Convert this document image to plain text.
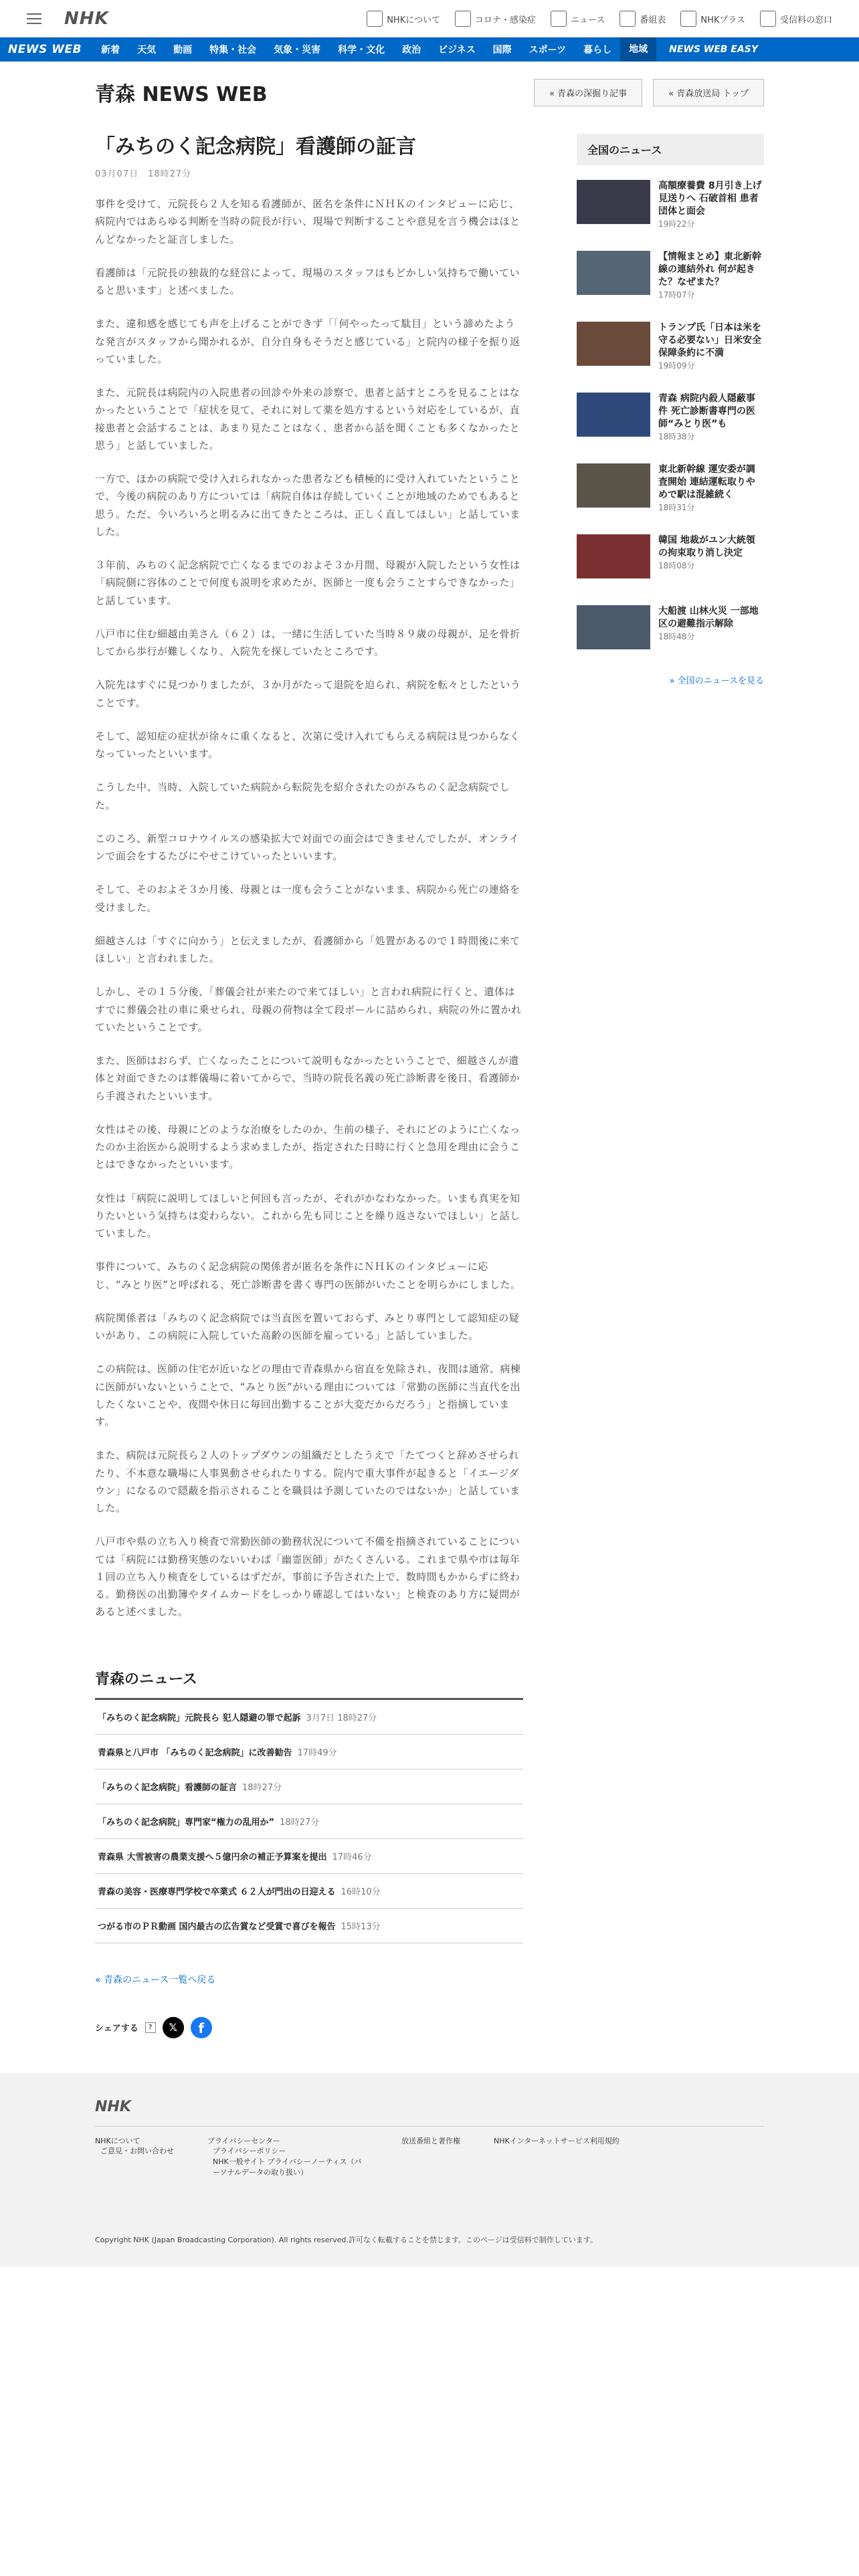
NHK	NHKについて	コロナ・感染症	ニュース	番組表	NHKプラス	受信料の窓口
NEWS WEB	新着	天気	動画	特集・社会	気象・災害	科学・文化	政治	ビジネス	国際	スポーツ	暮らし	地域	NEWS WEB EASY
青森 NEWS WEB	« 青森の深掘り記事	« 青森放送局 トップ
「みちのく記念病院」看護師の証言
03月07日　18時27分

事件を受けて、元院長ら２人を知る看護師が、匿名を条件にＮＨＫのインタビューに応じ、病院内ではあらゆる判断を当時の院長が行い、現場で判断することや意見を言う機会はほとんどなかったと証言しました。

看護師は「元院長の独裁的な経営によって、現場のスタッフはもどかしい気持ちで働いていると思います」と述べました。

また、違和感を感じても声を上げることができず「「何やったって駄目」という諦めたような発言がスタッフから聞かれるが、自分自身もそうだと感じている」と院内の様子を振り返っていました。

また、元院長は病院内の入院患者の回診や外来の診察で、患者と話すところを見ることはなかったということで「症状を見て、それに対して薬を処方するという対応をしているが、直接患者と会話することは、あまり見たことはなく、患者から話を聞くことも多くなかったと思う」と話していました。

一方で、ほかの病院で受け入れられなかった患者なども積極的に受け入れていたということで、今後の病院のあり方については「病院自体は存続していくことが地域のためでもあると思う。ただ、今いろいろと明るみに出てきたところは、正しく直してほしい」と話していました。

３年前、みちのく記念病院で亡くなるまでのおよそ３か月間、母親が入院したという女性は「病院側に容体のことで何度も説明を求めたが、医師と一度も会うことすらできなかった」と話しています。

八戸市に住む細越由美さん（６２）は、一緒に生活していた当時８９歳の母親が、足を骨折してから歩行が難しくなり、入院先を探していたところです。

入院先はすぐに見つかりましたが、３か月がたって退院を迫られ、病院を転々としたということです。

そして、認知症の症状が徐々に重くなると、次第に受け入れてもらえる病院は見つからなくなっていったといいます。

こうした中、当時、入院していた病院から転院先を紹介されたのがみちのく記念病院でした。

このころ、新型コロナウイルスの感染拡大で対面での面会はできませんでしたが、オンラインで面会をするたびにやせこけていったといいます。

そして、そのおよそ３か月後、母親とは一度も会うことがないまま、病院から死亡の連絡を受けました。

細越さんは「すぐに向かう」と伝えましたが、看護師から「処置があるので１時間後に来てほしい」と言われました。

しかし、その１５分後、「葬儀会社が来たので来てほしい」と言われ病院に行くと、遺体はすでに葬儀会社の車に乗せられ、母親の荷物は全て段ボールに詰められ、病院の外に置かれていたということです。

また、医師はおらず、亡くなったことについて説明もなかったということで、細越さんが遺体と対面できたのは葬儀場に着いてからで、当時の院長名義の死亡診断書を後日、看護師から手渡されたといいます。

女性はその後、母親にどのような治療をしたのか、生前の様子、それにどのように亡くなったのか主治医から説明するよう求めましたが、指定された日時に行くと急用を理由に会うことはできなかったといいます。

女性は「病院に説明してほしいと何回も言ったが、それがかなわなかった。いまも真実を知りたいという気持ちは変わらない。これから先も同じことを繰り返さないでほしい」と話していました。

事件について、みちのく記念病院の関係者が匿名を条件にＮＨＫのインタビューに応じ、“みとり医”と呼ばれる、死亡診断書を書く専門の医師がいたことを明らかにしました。

病院関係者は「みちのく記念病院では当直医を置いておらず、みとり専門として認知症の疑いがあり、この病院に入院していた高齢の医師を雇っている」と話していました。

この病院は、医師の住宅が近いなどの理由で青森県から宿直を免除され、夜間は通常、病棟に医師がいないということで、“みとり医”がいる理由については「常勤の医師に当直代を出したくないことや、夜間や休日に毎回出勤することが大変だからだろう」と指摘しています。

また、病院は元院長ら２人のトップダウンの組織だとしたうえで「たてつくと辞めさせられたり、不本意な職場に人事異動させられたりする。院内で重大事件が起きると「イエージダウン」になるので隠蔽を指示されることを職員は予測していたのではないか」と話していました。

八戸市や県の立ち入り検査で常勤医師の勤務状況について不備を指摘されていることについては「病院には勤務実態のないいわば「幽霊医師」がたくさんいる。これまで県や市は毎年１回の立ち入り検査をしているはずだが、事前に予告された上で、数時間もかからずに終わる。勤務医の出勤簿やタイムカードをしっかり確認してはいない」と検査のあり方に疑問があると述べました。

青森のニュース
「みちのく記念病院」元院長ら 犯人隠避の罪で起訴 3月7日 18時27分
青森県と八戸市 「みちのく記念病院」に改善勧告 17時49分
「みちのく記念病院」看護師の証言 18時27分
「みちのく記念病院」専門家“権力の乱用か” 18時27分
青森県 大雪被害の農業支援へ５億円余の補正予算案を提出 17時46分
青森の美容・医療専門学校で卒業式 ６２人が門出の日迎える 16時10分
つがる市のＰＲ動画 国内最古の広告賞など受賞で喜びを報告 15時13分
« 青森のニュース一覧へ戻る
シェアする	?	𝕏	f
全国のニュース
高額療養費 8月引き上げ見送りへ 石破首相 患者団体と面会
19時22分
【情報まとめ】東北新幹線の連結外れ 何が起きた？なぜまた？
17時07分
トランプ氏「日本は米を守る必要ない」日米安全保障条約に不満
19時09分
青森 病院内殺人隠蔽事件 死亡診断書専門の医師“みとり医”も
18時38分
東北新幹線 運安委が調査開始 連結運転取りやめで駅は混雑続く
18時31分
韓国 地裁がユン大統領の拘束取り消し決定
18時08分
大船渡 山林火災 一部地区の避難指示解除
18時48分
» 全国のニュースを見る
NHK
NHKについて
ご意見・お問い合わせ
プライバシーセンター
プライバシーポリシー
NHK一般サイト プライバシーノーティス（パーソナルデータの取り扱い）
放送番組と著作権	NHKインターネットサービス利用規約
Copyright NHK (Japan Broadcasting Corporation). All rights reserved.許可なく転載することを禁じます。このページは受信料で制作しています。
